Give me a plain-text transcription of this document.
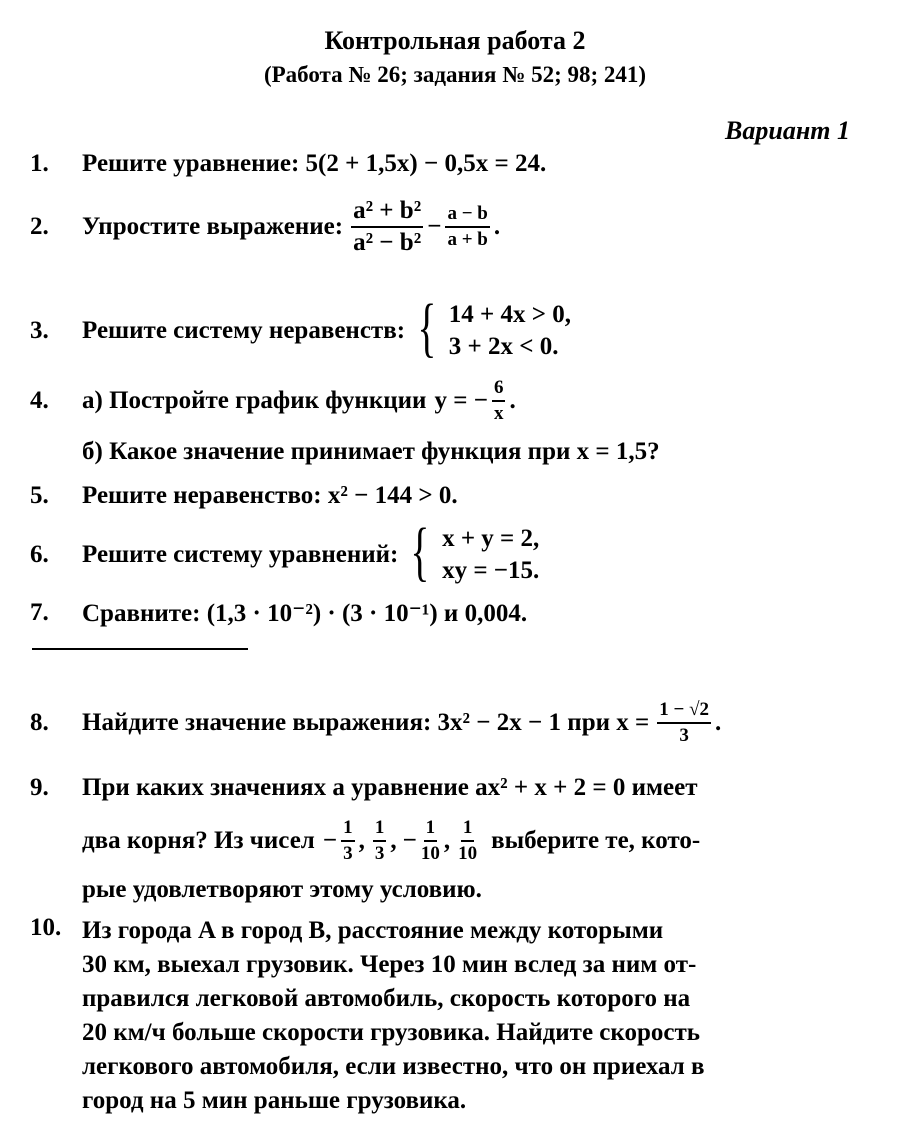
Контрольная работа 2
(Работа № 26; задания № 52; 98; 241)
Вариант 1
1.	Решите уравнение: 5(2 + 1,5x) − 0,5x = 24.
2.	Упростите выражение: $\frac{\text{a² + b²}}{\text{a² − b²}} - \frac{a - b}{a + b}$ .
3.	Решите систему неравенств: { 14 + 4x > 0,
3 + 2x < 0.
4.	а) Постройте график функции y = − $\frac{6}{x}$ .
б) Какое значение принимает функция при x = 1,5?
5.	Решите неравенство: x² − 144 > 0.
6.	Решите систему уравнений: { x + y = 2,
xy = −15.
7.	Сравните: (1,3 · 10⁻²) · (3 · 10⁻¹) и 0,004.
8.	Найдите значение выражения: 3x² − 2x − 1 при $x = \frac{1 - √2}{3}$ .
9.	При каких значениях a уравнение ax² + x + 2 = 0 имеет
два корня? Из чисел − $\frac{1}{3}$ , $\frac{1}{3}$ , − $\frac{1}{10}$ , $\frac{1}{10}$ выберите те, кото-
рые удовлетворяют этому условию.
10. Из города A в город B, расстояние между которыми
30 км, выехал грузовик. Через 10 мин вслед за ним от-
правился легковой автомобиль, скорость которого на
20 км/ч больше скорости грузовика. Найдите скорость
легкового автомобиля, если известно, что он приехал в
город на 5 мин раньше грузовика.
